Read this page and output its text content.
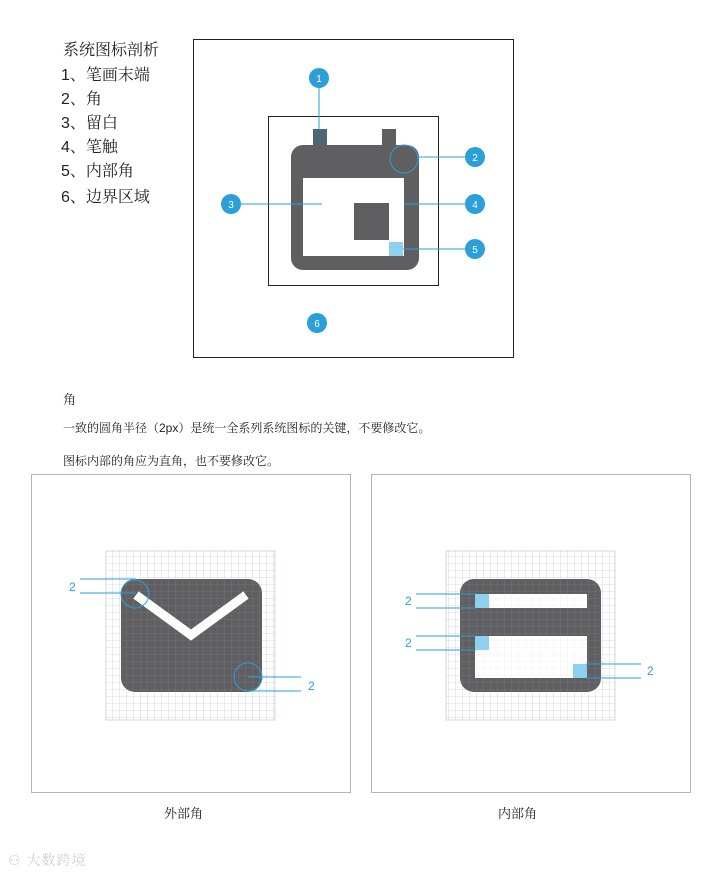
系统图标剖析
1、笔画末端
2、角
3、留白
4、笔触
5、内部角
6、边界区域
1
2
3	4
5
6
角
一致的圆角半径（2px）是统一全系列系统图标的关键，不要修改它。
图标内部的角应为直角，也不要修改它。
2
2
2
2
2
外部角	内部角
⚇ 大数跨境
